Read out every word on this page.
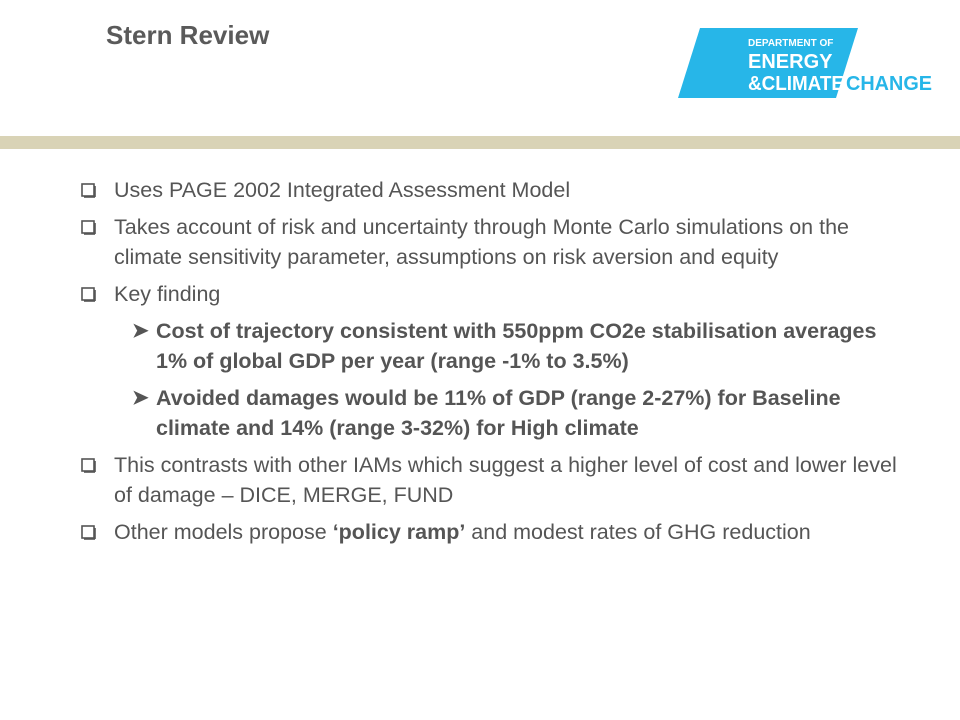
Stern Review	DEPARTMENT OF
ENERGY
&CLIMATE CHANGE
Uses PAGE 2002 Integrated Assessment Model
Takes account of risk and uncertainty through Monte Carlo simulations on the climate sensitivity parameter, assumptions on risk aversion and equity
Key finding
➤ Cost of trajectory consistent with 550ppm CO2e stabilisation averages 1% of global GDP per year (range -1% to 3.5%)
➤ Avoided damages would be 11% of GDP (range 2-27%) for Baseline climate and 14% (range 3-32%) for High climate
This contrasts with other IAMs which suggest a higher level of cost and lower level of damage – DICE, MERGE, FUND
Other models propose ‘policy ramp’ and modest rates of GHG reduction
